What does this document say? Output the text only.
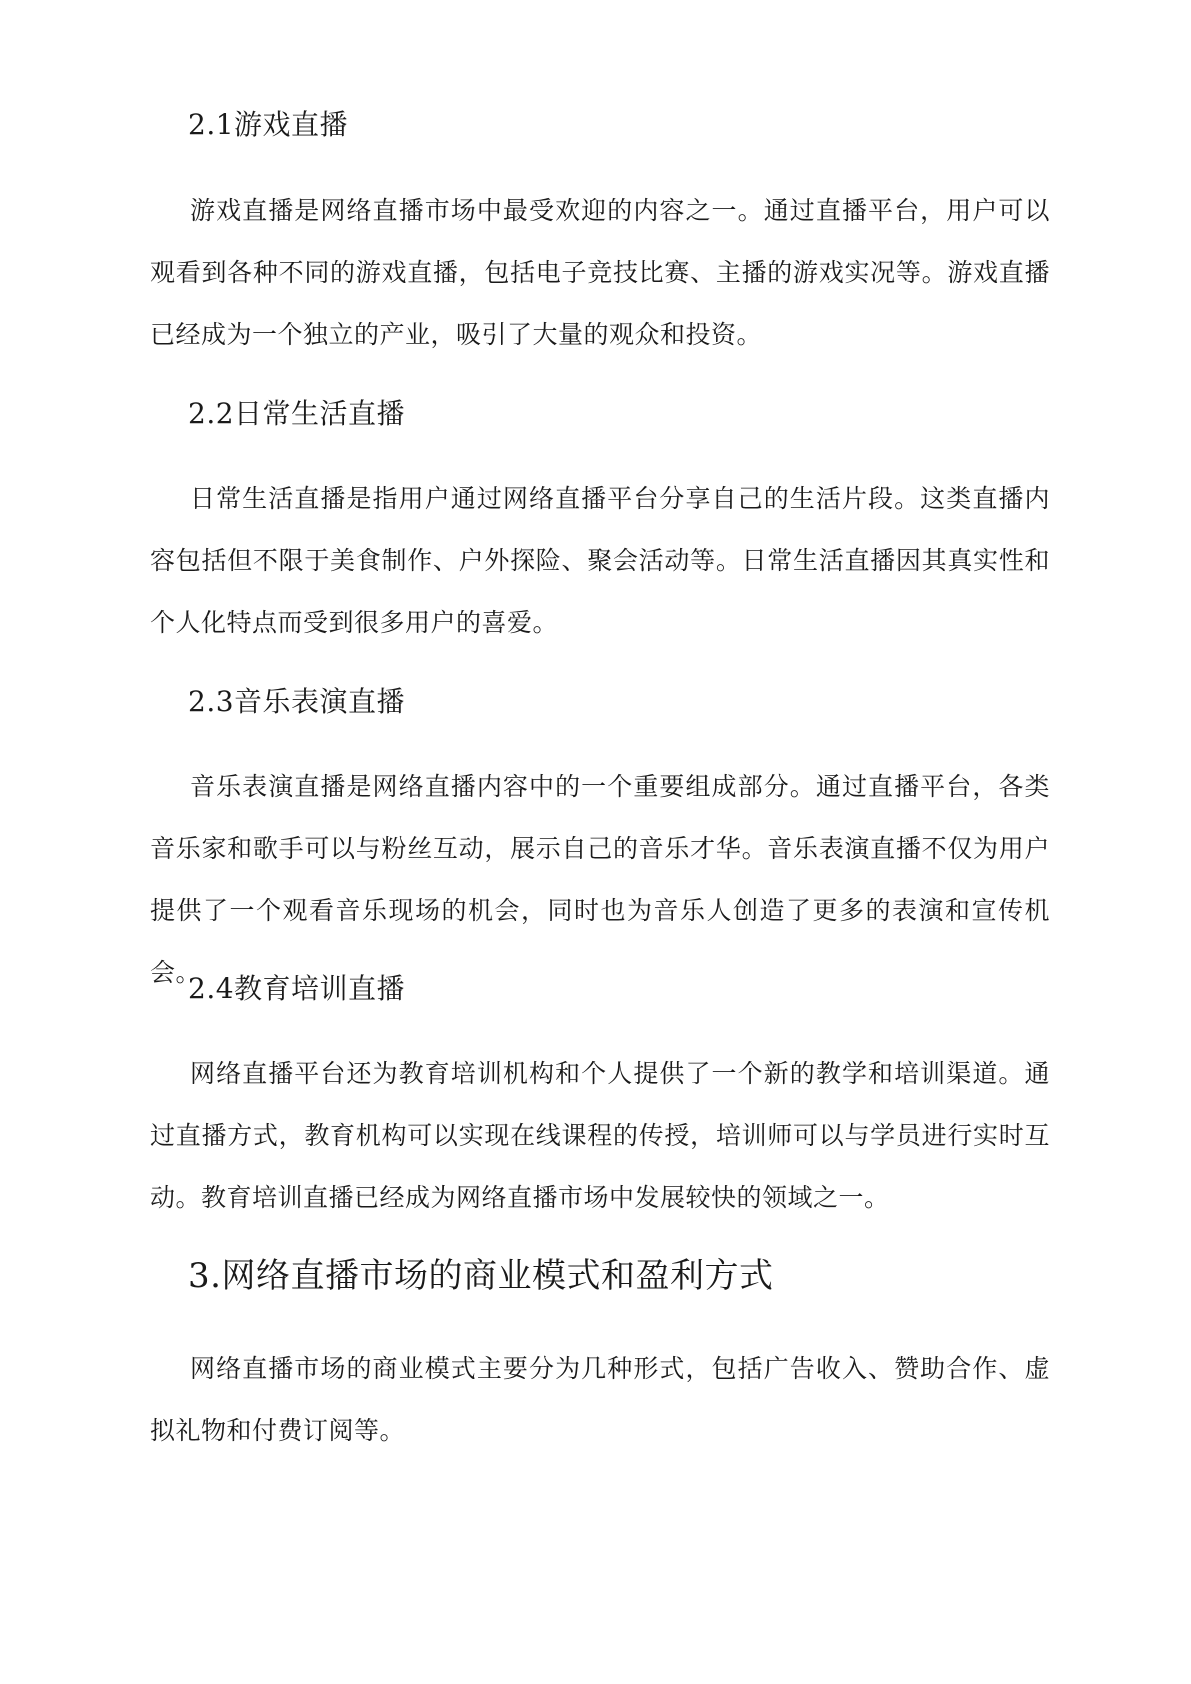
2.1游戏直播

游戏直播是网络直播市场中最受欢迎的内容之一。通过直播平台，用户可以观看到各种不同的游戏直播，包括电子竞技比赛、主播的游戏实况等。游戏直播已经成为一个独立的产业，吸引了大量的观众和投资。

2.2日常生活直播

日常生活直播是指用户通过网络直播平台分享自己的生活片段。这类直播内容包括但不限于美食制作、户外探险、聚会活动等。日常生活直播因其真实性和个人化特点而受到很多用户的喜爱。

2.3音乐表演直播

音乐表演直播是网络直播内容中的一个重要组成部分。通过直播平台，各类音乐家和歌手可以与粉丝互动，展示自己的音乐才华。音乐表演直播不仅为用户提供了一个观看音乐现场的机会，同时也为音乐人创造了更多的表演和宣传机会。

2.4教育培训直播

网络直播平台还为教育培训机构和个人提供了一个新的教学和培训渠道。通过直播方式，教育机构可以实现在线课程的传授，培训师可以与学员进行实时互动。教育培训直播已经成为网络直播市场中发展较快的领域之一。

3.网络直播市场的商业模式和盈利方式

网络直播市场的商业模式主要分为几种形式，包括广告收入、赞助合作、虚拟礼物和付费订阅等。
